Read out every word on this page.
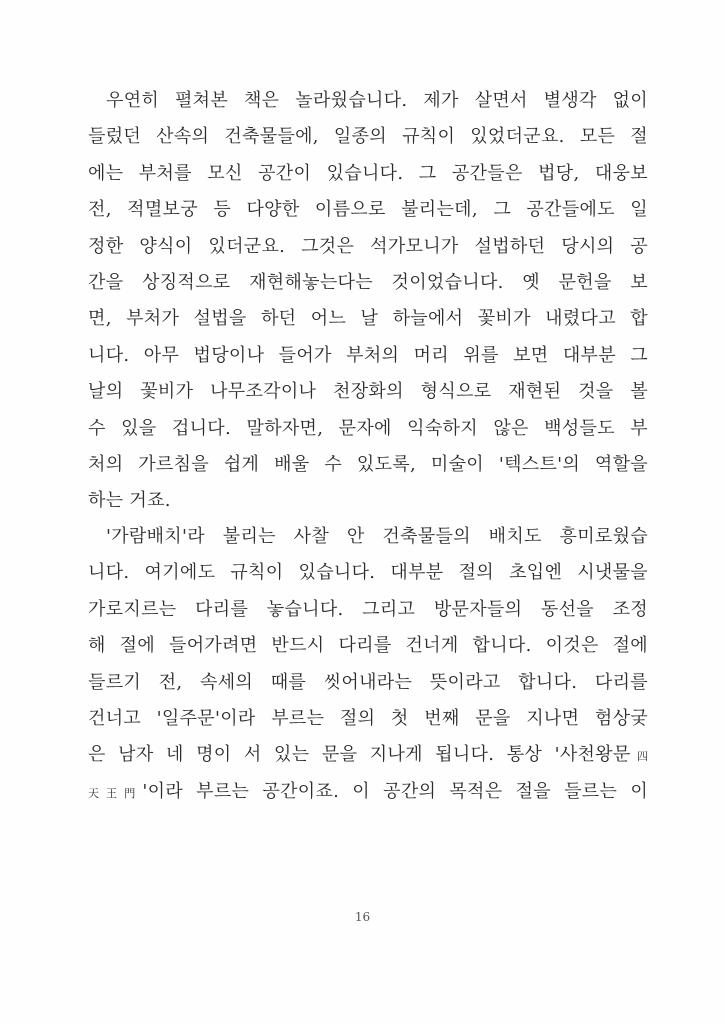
우연히 펼쳐본 책은 놀라웠습니다. 제가 살면서 별생각 없이
들렀던 산속의 건축물들에, 일종의 규칙이 있었더군요. 모든 절
에는 부처를 모신 공간이 있습니다. 그 공간들은 법당, 대웅보
전, 적멸보궁 등 다양한 이름으로 불리는데, 그 공간들에도 일
정한 양식이 있더군요. 그것은 석가모니가 설법하던 당시의 공
간을 상징적으로 재현해놓는다는 것이었습니다. 옛 문헌을 보
면, 부처가 설법을 하던 어느 날 하늘에서 꽃비가 내렸다고 합
니다. 아무 법당이나 들어가 부처의 머리 위를 보면 대부분 그
날의 꽃비가 나무조각이나 천장화의 형식으로 재현된 것을 볼
수 있을 겁니다. 말하자면, 문자에 익숙하지 않은 백성들도 부
처의 가르침을 쉽게 배울 수 있도록, 미술이 '텍스트'의 역할을
하는 거죠.
'가람배치'라 불리는 사찰 안 건축물들의 배치도 흥미로웠습
니다. 여기에도 규칙이 있습니다. 대부분 절의 초입엔 시냇물을
가로지르는 다리를 놓습니다. 그리고 방문자들의 동선을 조정
해 절에 들어가려면 반드시 다리를 건너게 합니다. 이것은 절에
들르기 전, 속세의 때를 씻어내라는 뜻이라고 합니다. 다리를
건너고 '일주문'이라 부르는 절의 첫 번째 문을 지나면 험상궂
은 남자 네 명이 서 있는 문을 지나게 됩니다. 통상 '사천왕문四
天王門'이라 부르는 공간이죠. 이 공간의 목적은 절을 들르는 이
16
